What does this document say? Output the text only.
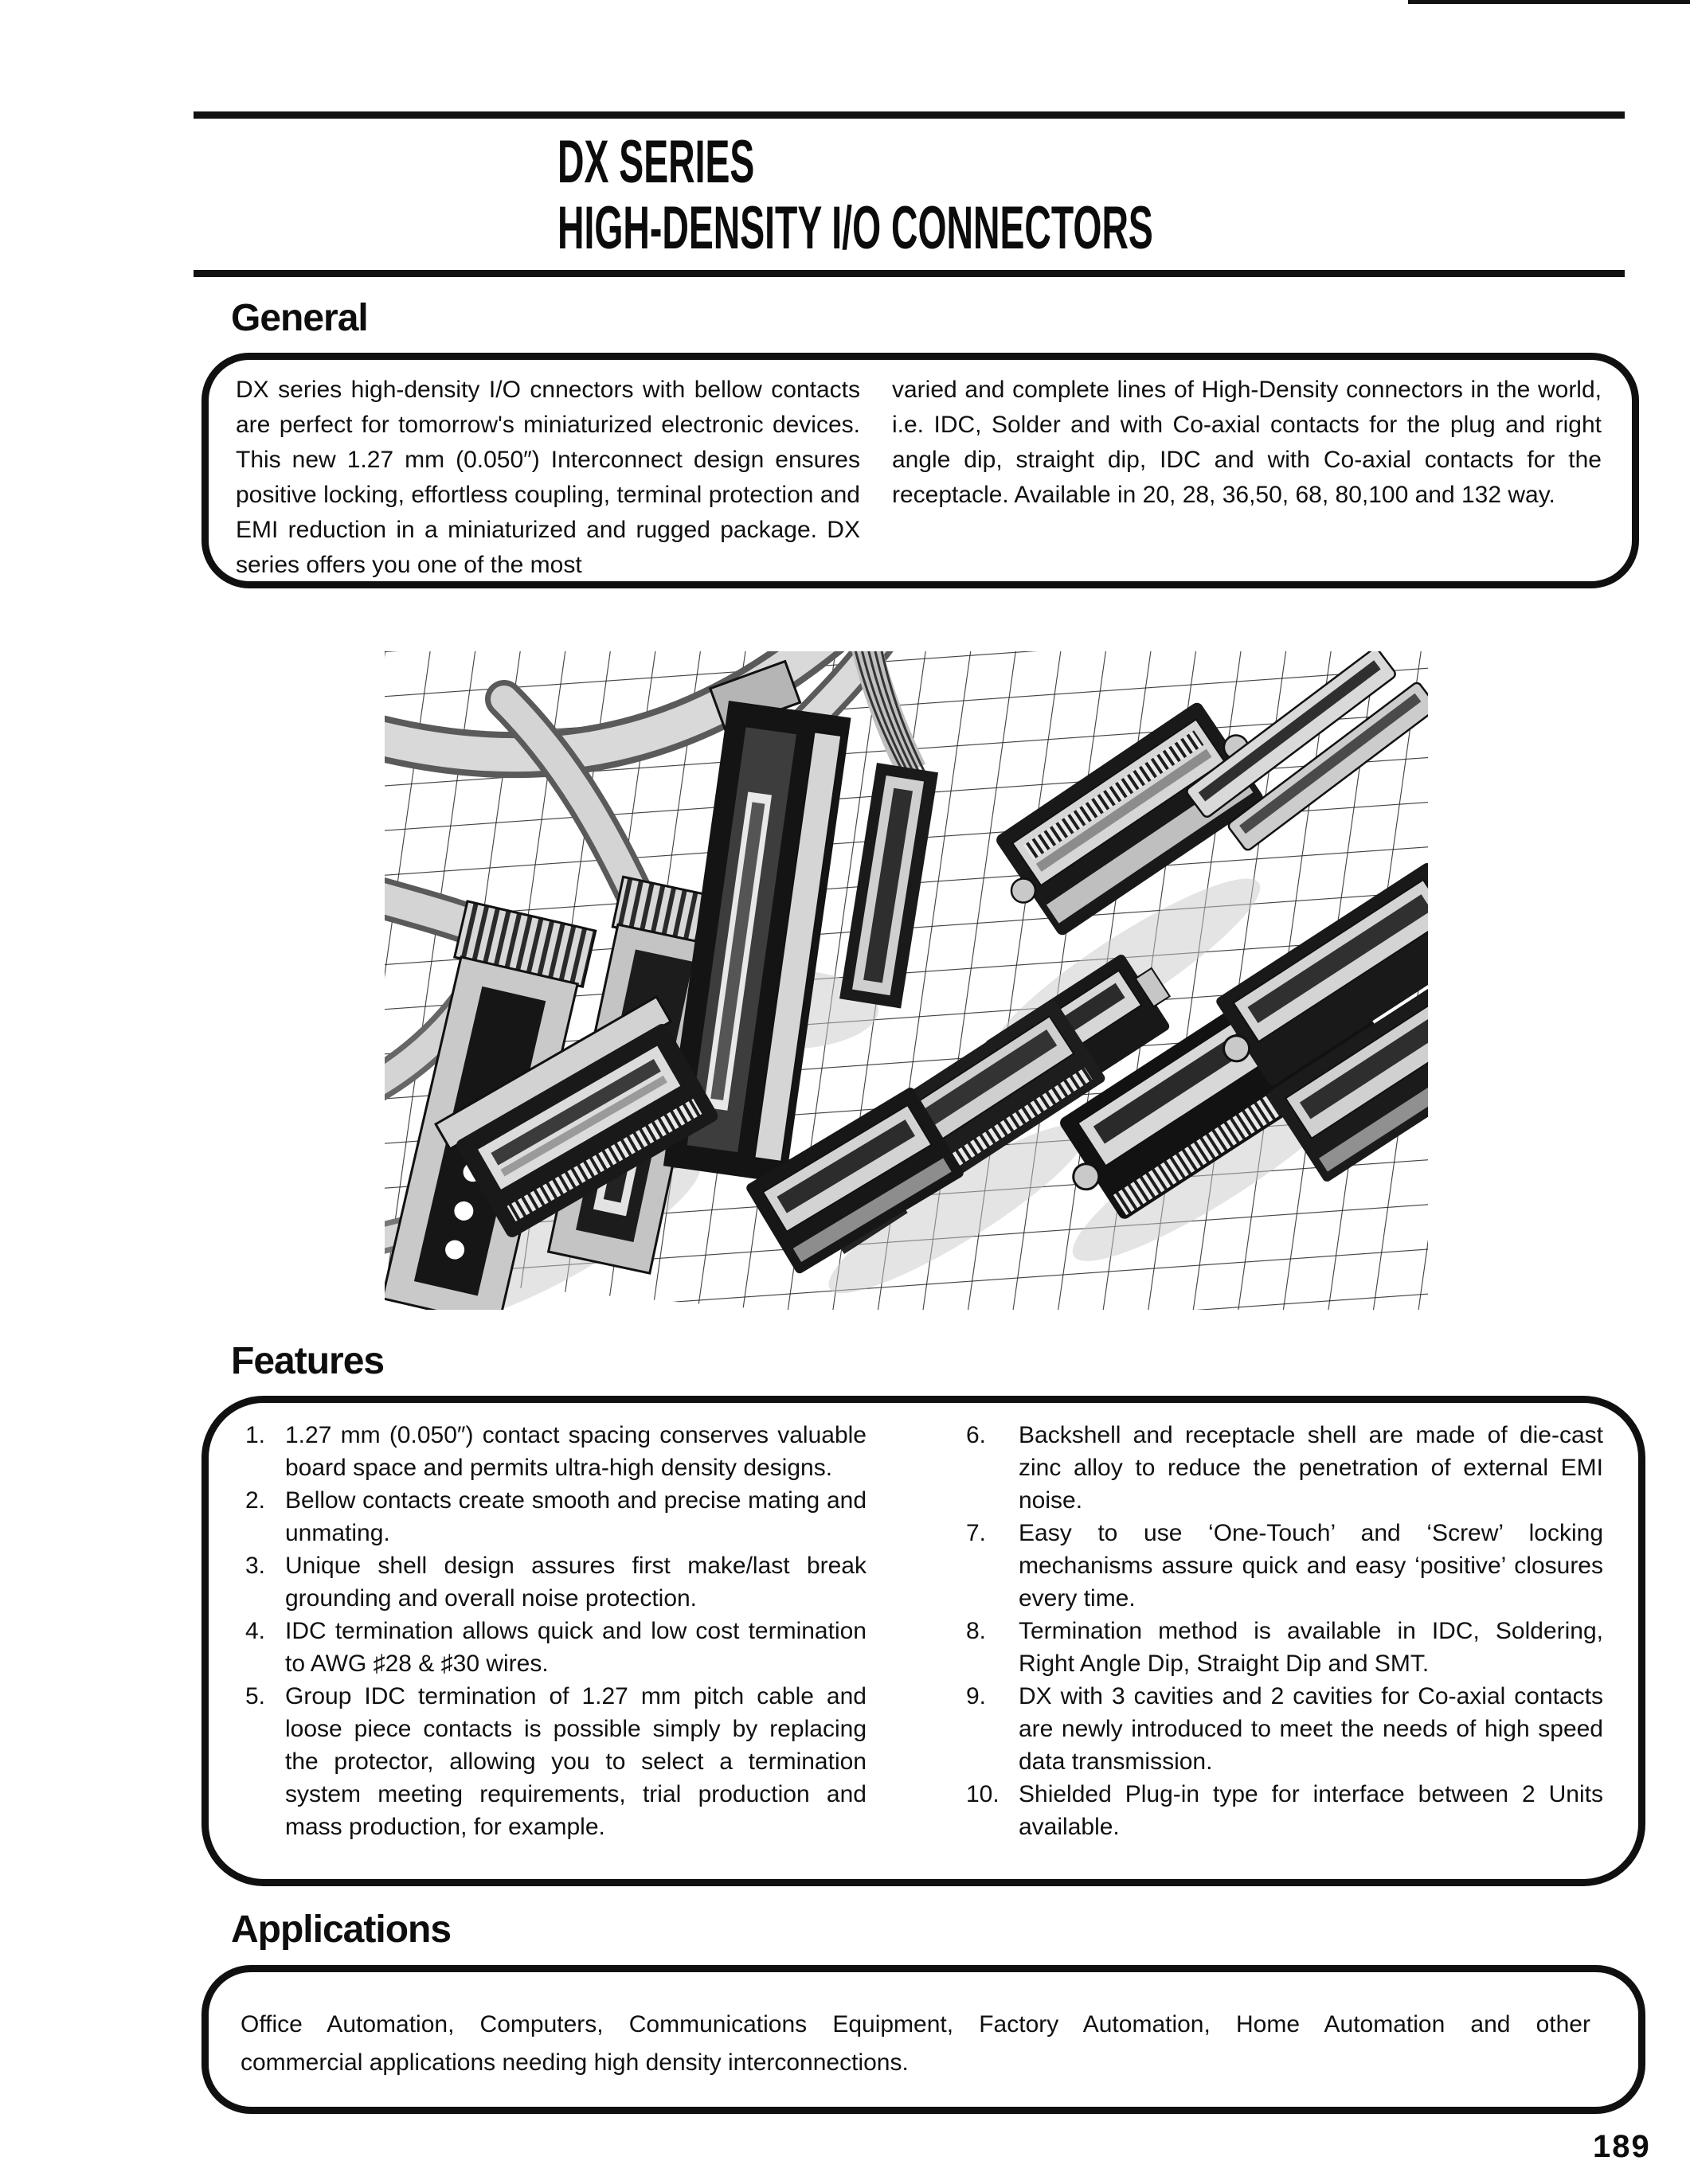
DX SERIES
HIGH-DENSITY I/O CONNECTORS
General

DX series high-density I/O cnnectors with bellow contacts are perfect for tomorrow's miniaturized electronic devices. This new 1.27 mm (0.050″) Interconnect design ensures positive locking, effortless coupling, terminal protection and EMI reduction in a miniaturized and rugged package. DX series offers you one of the most

varied and complete lines of High-Density connectors in the world, i.e. IDC, Solder and with Co-axial contacts for the plug and right angle dip, straight dip, IDC and with Co-axial contacts for the receptacle. Available in 20, 28, 36,50, 68, 80,100 and 132 way.

Features
1. 1.27 mm (0.050″) contact spacing conserves valuable board space and permits ultra-high density designs.
2. Bellow contacts create smooth and precise mating and unmating.
3. Unique shell design assures first make/last break grounding and overall noise protection.
4. IDC termination allows quick and low cost termination to AWG ♯28 & ♯30 wires.
5. Group IDC termination of 1.27 mm pitch cable and loose piece contacts is possible simply by replacing the protector, allowing you to select a termination system meeting requirements, trial production and mass production, for example.
6.	Backshell and receptacle shell are made of die-cast zinc alloy to reduce the penetration of external EMI noise.
7.	Easy to use ‘One-Touch’ and ‘Screw’ locking mechanisms assure quick and easy ‘positive’ closures every time.
8.	Termination method is available in IDC, Soldering, Right Angle Dip, Straight Dip and SMT.
9.	DX with 3 cavities and 2 cavities for Co-axial contacts are newly introduced to meet the needs of high speed data transmission.
10. Shielded Plug-in type for interface between 2 Units available.
Applications
Office Automation, Computers, Communications Equipment, Factory Automation, Home Automation and other
commercial applications needing high density interconnections.
189
